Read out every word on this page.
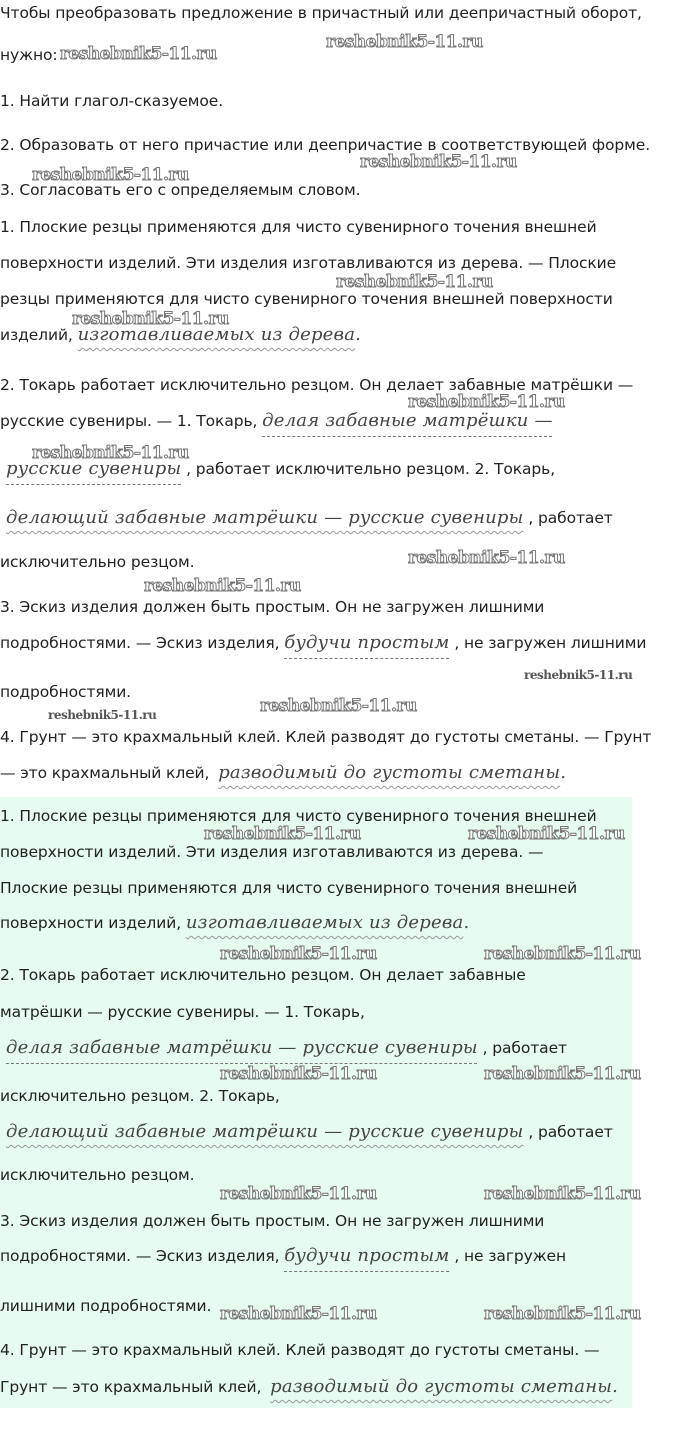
Чтобы преобразовать предложение в причастный или деепричастный оборот,
нужно:
1. Найти глагол-сказуемое.
2. Образовать от него причастие или деепричастие в соответствующей форме.
3. Согласовать его с определяемым словом.
1. Плоские резцы применяются для чисто сувенирного точения внешней
поверхности изделий. Эти изделия изготавливаются из дерева. — Плоские
резцы применяются для чисто сувенирного точения внешней поверхности
изделий, изготавливаемых из дерева.
2. Токарь работает исключительно резцом. Он делает забавные матрёшки —
русские сувениры. — 1. Токарь, делая забавные матрёшки —
русские сувениры , работает исключительно резцом. 2. Токарь,
делающий забавные матрёшки — русские сувениры , работает
исключительно резцом.
3. Эскиз изделия должен быть простым. Он не загружен лишними
подробностями. — Эскиз изделия, будучи простым , не загружен лишними
подробностями.
4. Грунт — это крахмальный клей. Клей разводят до густоты сметаны. — Грунт
— это крахмальный клей, разводимый до густоты сметаны.
1. Плоские резцы применяются для чисто сувенирного точения внешней
поверхности изделий. Эти изделия изготавливаются из дерева. —
Плоские резцы применяются для чисто сувенирного точения внешней
поверхности изделий, изготавливаемых из дерева.
2. Токарь работает исключительно резцом. Он делает забавные
матрёшки — русские сувениры. — 1. Токарь,
делая забавные матрёшки — русские сувениры , работает
исключительно резцом. 2. Токарь,
делающий забавные матрёшки — русские сувениры , работает
исключительно резцом.
3. Эскиз изделия должен быть простым. Он не загружен лишними
подробностями. — Эскиз изделия, будучи простым , не загружен
лишними подробностями.
4. Грунт — это крахмальный клей. Клей разводят до густоты сметаны. —
Грунт — это крахмальный клей, разводимый до густоты сметаны.
reshebnik5-11.ru
reshebnik5-11.ru
reshebnik5-11.ru
reshebnik5-11.ru
reshebnik5-11.ru
reshebnik5-11.ru
reshebnik5-11.ru
reshebnik5-11.ru
reshebnik5-11.ru
reshebnik5-11.ru
reshebnik5-11.ru
reshebnik5-11.ru
reshebnik5-11.ru
reshebnik5-11.ru	reshebnik5-11.ru
reshebnik5-11.ru	reshebnik5-11.ru
reshebnik5-11.ru	reshebnik5-11.ru
reshebnik5-11.ru	reshebnik5-11.ru
reshebnik5-11.ru	reshebnik5-11.ru
